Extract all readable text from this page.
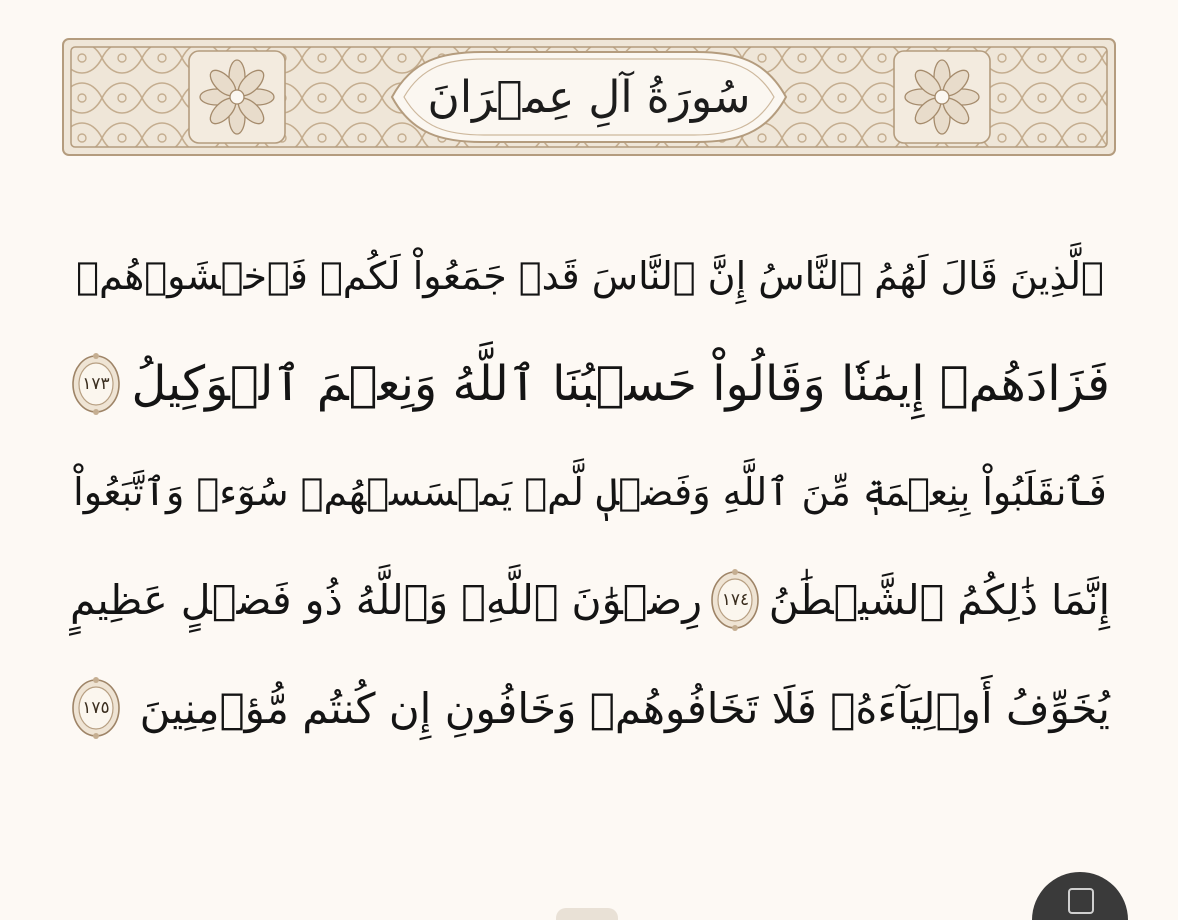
سُورَةُ آلِ عِمۡرَانَ
ٱلَّذِينَ قَالَ لَهُمُ ٱلنَّاسُ إِنَّ ٱلنَّاسَ قَدۡ جَمَعُواْ لَكُمۡ فَٱخۡشَوۡهُمۡ
فَزَادَهُمۡ إِيمَٰنٗا وَقَالُواْ حَسۡبُنَا ٱللَّهُ وَنِعۡمَ ٱلۡوَكِيلُ
١٧٣
فَٱنقَلَبُواْ بِنِعۡمَةٖ مِّنَ ٱللَّهِ وَفَضۡلٖ لَّمۡ يَمۡسَسۡهُمۡ سُوٓءٞ وَٱتَّبَعُواْ
إِنَّمَا ذَٰلِكُمُ ٱلشَّيۡطَٰنُ
١٧٤
رِضۡوَٰنَ ٱللَّهِۗ وَٱللَّهُ ذُو فَضۡلٍ عَظِيمٍ
يُخَوِّفُ أَوۡلِيَآءَهُۥ فَلَا تَخَافُوهُمۡ وَخَافُونِ إِن كُنتُم مُّؤۡمِنِينَ
١٧٥
